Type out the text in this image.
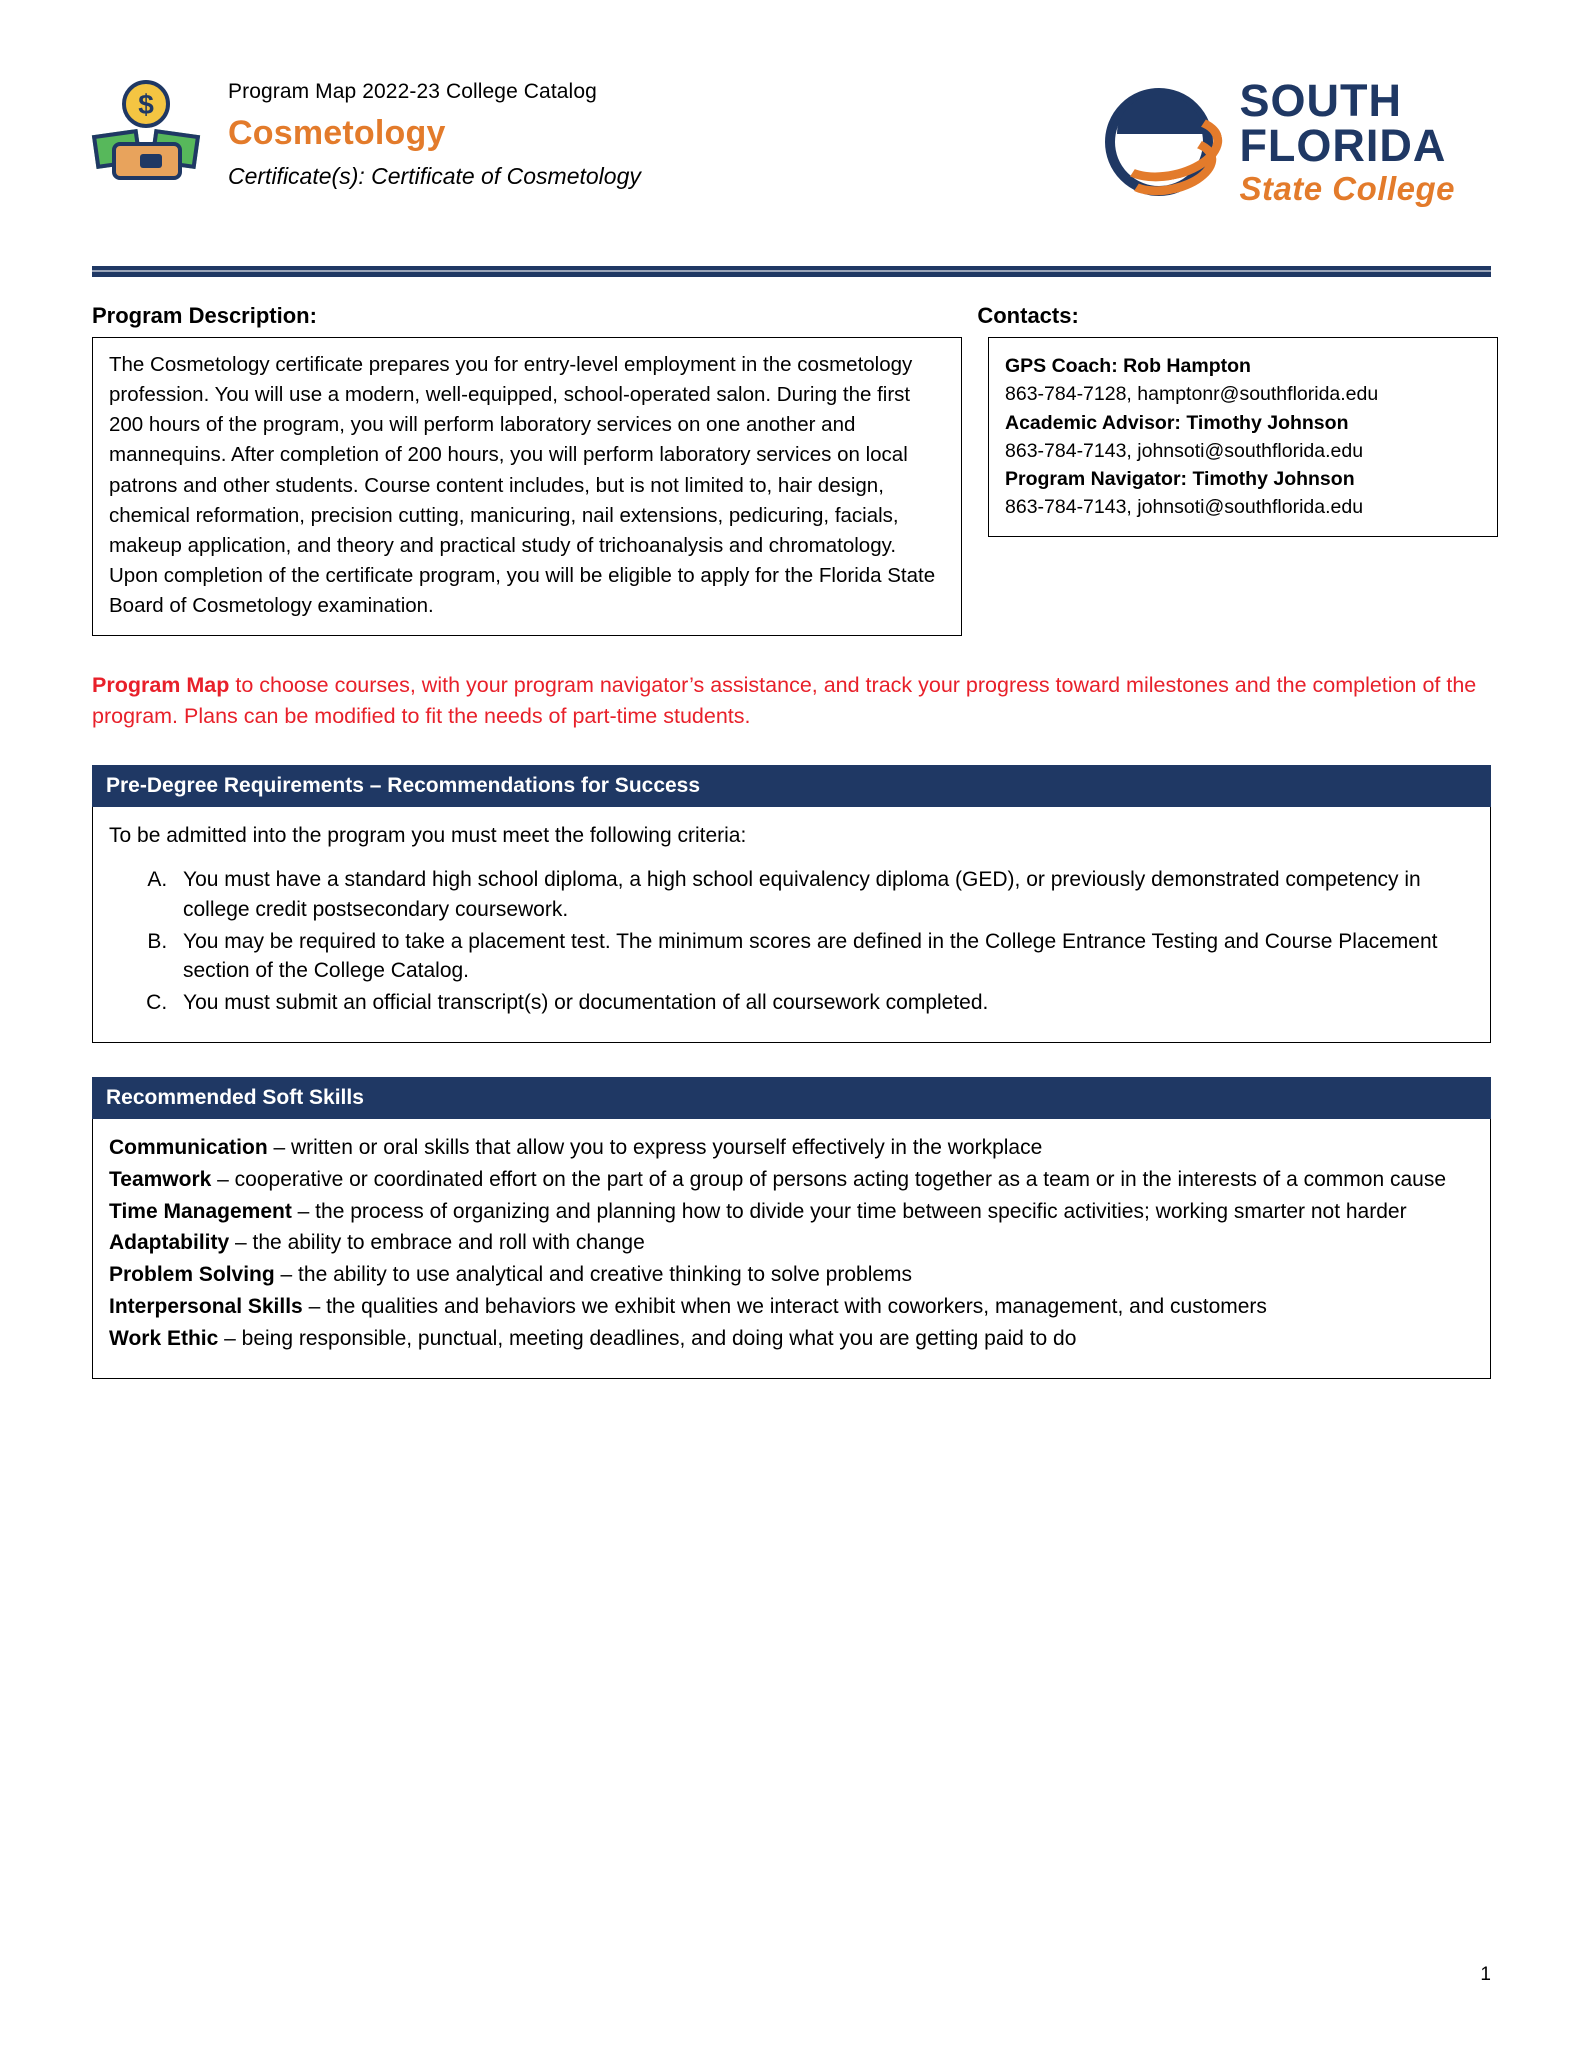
$	Program Map 2022-23 College Catalog
Cosmetology
Certificate(s): Certificate of Cosmetology
SOUTH
FLORIDA
State College
Program Description:	Contacts:
The Cosmetology certificate prepares you for entry-level employment in the cosmetology profession. You will use a modern, well-equipped, school-operated salon. During the first 200 hours of the program, you will perform laboratory services on one another and mannequins. After completion of 200 hours, you will perform laboratory services on local patrons and other students. Course content includes, but is not limited to, hair design, chemical reformation, precision cutting, manicuring, nail extensions, pedicuring, facials, makeup application, and theory and practical study of trichoanalysis and chromatology. Upon completion of the certificate program, you will be eligible to apply for the Florida State Board of Cosmetology examination.
GPS Coach: Rob Hampton
863-784-7128, hamptonr@southflorida.edu
Academic Advisor: Timothy Johnson
863-784-7143, johnsoti@southflorida.edu
Program Navigator: Timothy Johnson
863-784-7143, johnsoti@southflorida.edu
Program Map to choose courses, with your program navigator’s assistance, and track your progress toward milestones and the completion of the program. Plans can be modified to fit the needs of part-time students.
Pre-Degree Requirements – Recommendations for Success
To be admitted into the program you must meet the following criteria:
A. You must have a standard high school diploma, a high school equivalency diploma (GED), or previously demonstrated competency in college credit postsecondary coursework.
B. You may be required to take a placement test. The minimum scores are defined in the College Entrance Testing and Course Placement section of the College Catalog.
C. You must submit an official transcript(s) or documentation of all coursework completed.
Recommended Soft Skills
Communication – written or oral skills that allow you to express yourself effectively in the workplace
Teamwork – cooperative or coordinated effort on the part of a group of persons acting together as a team or in the interests of a common cause
Time Management – the process of organizing and planning how to divide your time between specific activities; working smarter not harder
Adaptability – the ability to embrace and roll with change
Problem Solving – the ability to use analytical and creative thinking to solve problems
Interpersonal Skills – the qualities and behaviors we exhibit when we interact with coworkers, management, and customers
Work Ethic – being responsible, punctual, meeting deadlines, and doing what you are getting paid to do
1
